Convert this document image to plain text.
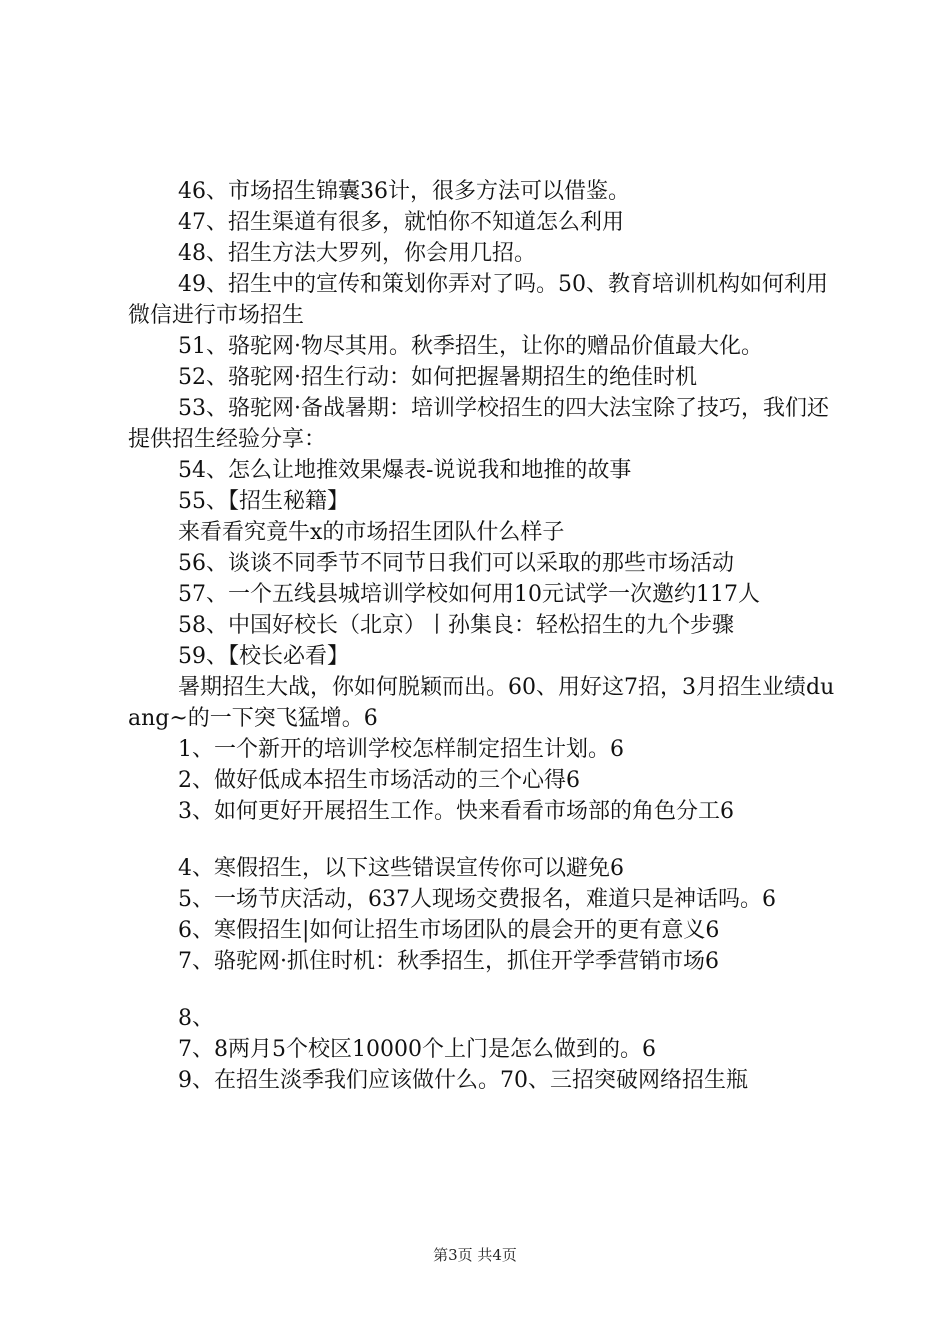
46、市场招生锦囊36计，很多方法可以借鉴。

47、招生渠道有很多，就怕你不知道怎么利用

48、招生方法大罗列，你会用几招。

49、招生中的宣传和策划你弄对了吗。50、教育培训机构如何利用微信进行市场招生

51、骆驼网·物尽其用。秋季招生，让你的赠品价值最大化。

52、骆驼网·招生行动：如何把握暑期招生的绝佳时机

53、骆驼网·备战暑期：培训学校招生的四大法宝除了技巧，我们还提供招生经验分享：

54、怎么让地推效果爆表-说说我和地推的故事

55、【招生秘籍】

来看看究竟牛x的市场招生团队什么样子

56、谈谈不同季节不同节日我们可以采取的那些市场活动

57、一个五线县城培训学校如何用10元试学一次邀约117人

58、中国好校长（北京）丨孙集良：轻松招生的九个步骤

59、【校长必看】

暑期招生大战，你如何脱颖而出。60、用好这7招，3月招生业绩duang~的一下突飞猛增。6

1、一个新开的培训学校怎样制定招生计划。6

2、做好低成本招生市场活动的三个心得6

3、如何更好开展招生工作。快来看看市场部的角色分工6

4、寒假招生，以下这些错误宣传你可以避免6

5、一场节庆活动，637人现场交费报名，难道只是神话吗。6

6、寒假招生|如何让招生市场团队的晨会开的更有意义6

7、骆驼网·抓住时机：秋季招生，抓住开学季营销市场6

8、

7、8两月5个校区10000个上门是怎么做到的。6

9、在招生淡季我们应该做什么。70、三招突破网络招生瓶

第3页 共4页
